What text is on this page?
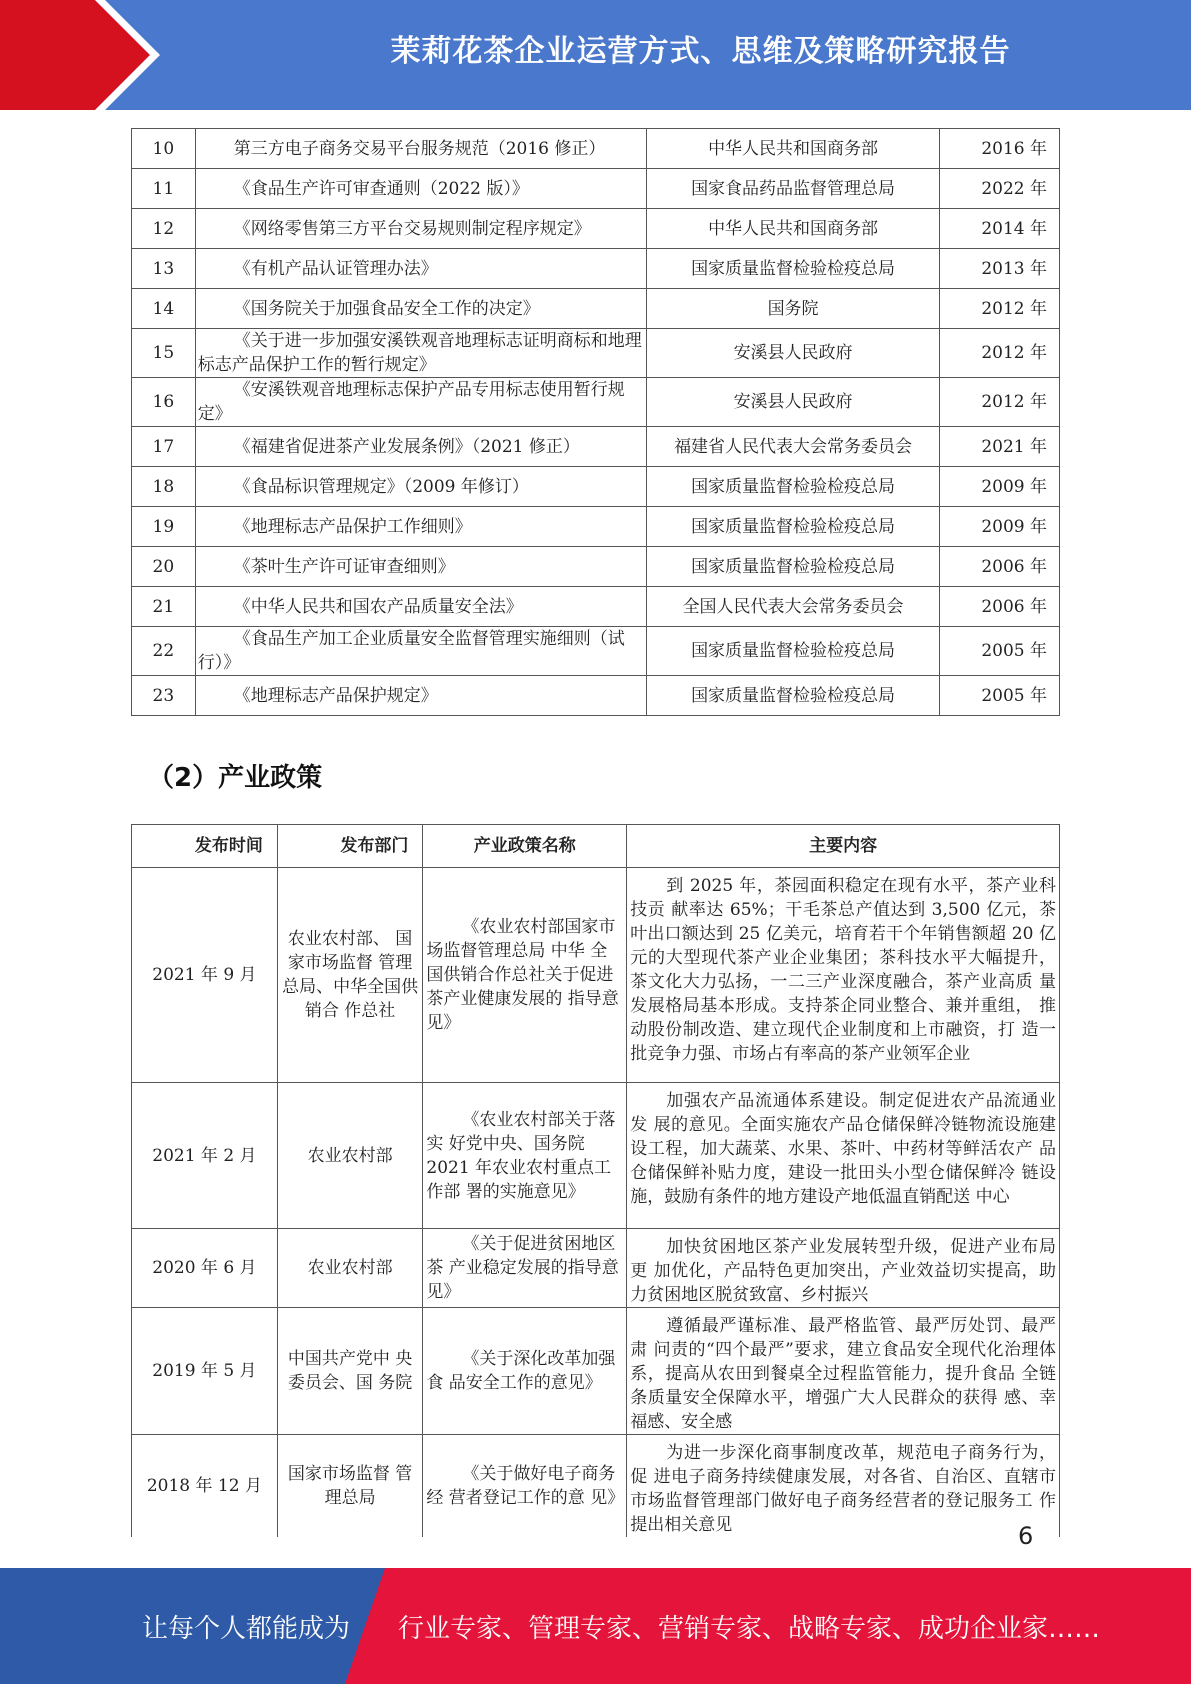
茉莉花茶企业运营方式、思维及策略研究报告
10	第三方电子商务交易平台服务规范（2016 修正）	中华人民共和国商务部	2016 年
11	《食品生产许可审查通则（2022 版）》	国家食品药品监督管理总局	2022 年
12	《网络零售第三方平台交易规则制定程序规定》	中华人民共和国商务部	2014 年
13	《有机产品认证管理办法》	国家质量监督检验检疫总局	2013 年
14	《国务院关于加强食品安全工作的决定》	国务院	2012 年
15	《关于进一步加强安溪铁观音地理标志证明商标和地理 标志产品保护工作的暂行规定》	安溪县人民政府	2012 年
16	《安溪铁观音地理标志保护产品专用标志使用暂行规定》	安溪县人民政府	2012 年
17	《福建省促进茶产业发展条例》（2021 修正）	福建省人民代表大会常务委员会	2021 年
18	《食品标识管理规定》（2009 年修订）	国家质量监督检验检疫总局	2009 年
19	《地理标志产品保护工作细则》	国家质量监督检验检疫总局	2009 年
20	《茶叶生产许可证审查细则》	国家质量监督检验检疫总局	2006 年
21	《中华人民共和国农产品质量安全法》	全国人民代表大会常务委员会	2006 年
22	《食品生产加工企业质量安全监督管理实施细则（试行）》	国家质量监督检验检疫总局	2005 年
23	《地理标志产品保护规定》	国家质量监督检验检疫总局	2005 年
（2）产业政策
发布时间	发布部门	产业政策名称	主要内容
2021 年 9 月	农业农村部、 国家市场监督 管理总局、中华全国供销合 作总社	《农业农村部国家市场监督管理总局 中华 全国供销合作总社关于促进茶产业健康发展的 指导意见》	到 2025 年，茶园面积稳定在现有水平，茶产业科技贡 献率达 65%；干毛茶总产值达到 3,500 亿元，茶叶出口额达到 25 亿美元，培育若干个年销售额超 20 亿元的大型现代茶产业企业集团；茶科技水平大幅提升， 茶文化大力弘扬，一二三产业深度融合，茶产业高质 量发展格局基本形成。支持茶企同业整合、兼并重组， 推动股份制改造、建立现代企业制度和上市融资，打 造一批竞争力强、市场占有率高的茶产业领军企业
2021 年 2 月	农业农村部	《农业农村部关于落实 好党中央、国务院 2021 年农业农村重点工作部 署的实施意见》	加强农产品流通体系建设。制定促进农产品流通业发 展的意见。全面实施农产品仓储保鲜冷链物流设施建设工程，加大蔬菜、水果、茶叶、中药材等鲜活农产 品仓储保鲜补贴力度，建设一批田头小型仓储保鲜冷 链设施，鼓励有条件的地方建设产地低温直销配送 中心
2020 年 6 月	农业农村部	《关于促进贫困地区茶 产业稳定发展的指导意 见》	加快贫困地区茶产业发展转型升级，促进产业布局更 加优化，产品特色更加突出，产业效益切实提高，助力贫困地区脱贫致富、乡村振兴
2019 年 5 月	中国共产党中 央委员会、国 务院	《关于深化改革加强食 品安全工作的意见》	遵循最严谨标准、最严格监管、最严厉处罚、最严肃 问责的“四个最严”要求，建立食品安全现代化治理体系，提高从农田到餐桌全过程监管能力，提升食品 全链条质量安全保障水平，增强广大人民群众的获得 感、幸福感、安全感
2018 年 12 月	国家市场监督 管理总局	《关于做好电子商务经 营者登记工作的意 见》	为进一步深化商事制度改革，规范电子商务行为，促 进电子商务持续健康发展，对各省、自治区、直辖市市场监督管理部门做好电子商务经营者的登记服务工 作提出相关意见	6
让每个人都能成为 行业专家、管理专家、营销专家、战略专家、成功企业家……
